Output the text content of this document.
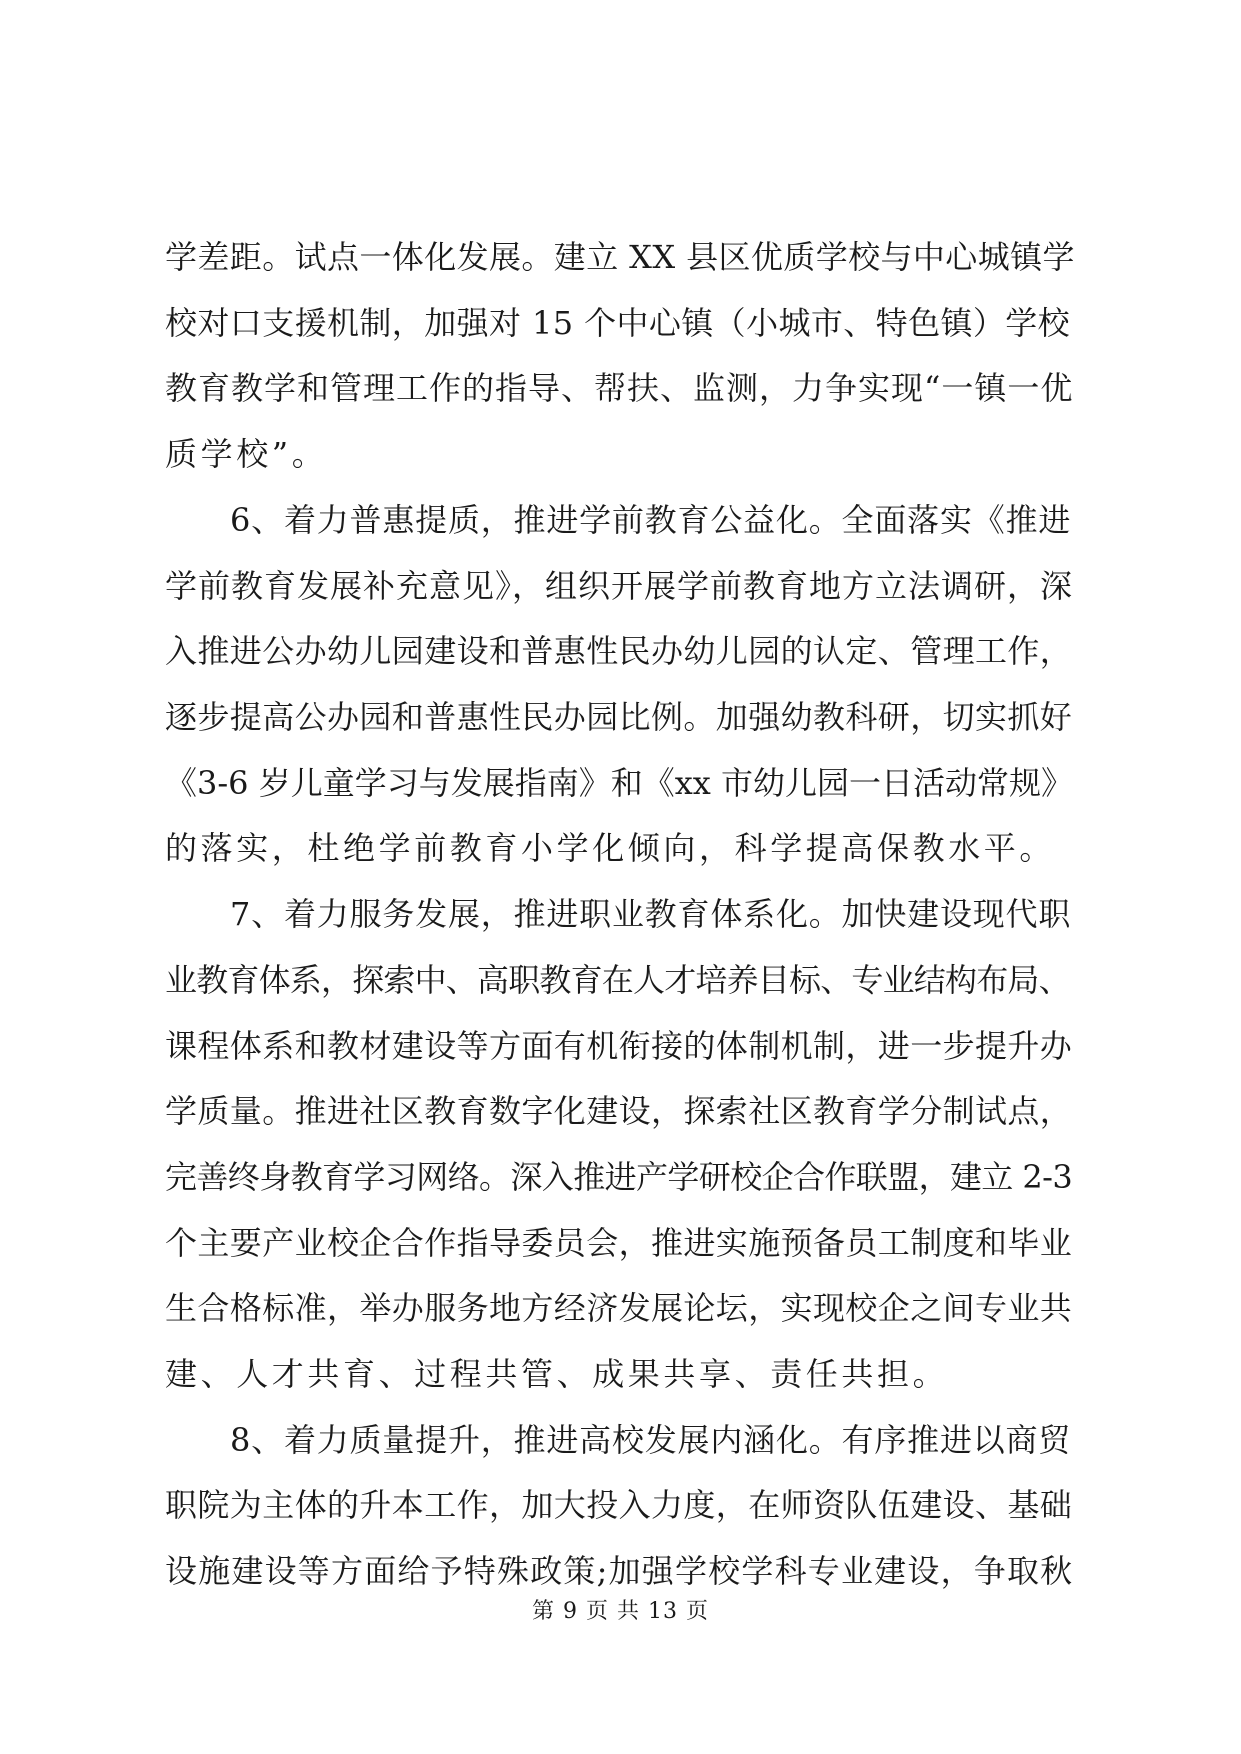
学差距。试点一体化发展。建立 XX 县区优质学校与中心城镇学
校对口支援机制，加强对 15 个中心镇（小城市、特色镇）学校
教育教学和管理工作的指导、帮扶、监测，力争实现“一镇一优
质学校”。
6、着力普惠提质，推进学前教育公益化。全面落实《推进
学前教育发展补充意见》，组织开展学前教育地方立法调研，深
入推进公办幼儿园建设和普惠性民办幼儿园的认定、管理工作，
逐步提高公办园和普惠性民办园比例。加强幼教科研，切实抓好
《3-6 岁儿童学习与发展指南》和《xx 市幼儿园一日活动常规》
的落实，杜绝学前教育小学化倾向，科学提高保教水平。
7、着力服务发展，推进职业教育体系化。加快建设现代职
业教育体系，探索中、高职教育在人才培养目标、专业结构布局、
课程体系和教材建设等方面有机衔接的体制机制，进一步提升办
学质量。推进社区教育数字化建设，探索社区教育学分制试点，
完善终身教育学习网络。深入推进产学研校企合作联盟，建立 2-3
个主要产业校企合作指导委员会，推进实施预备员工制度和毕业
生合格标准，举办服务地方经济发展论坛，实现校企之间专业共
建、人才共育、过程共管、成果共享、责任共担。
8、着力质量提升，推进高校发展内涵化。有序推进以商贸
职院为主体的升本工作，加大投入力度，在师资队伍建设、基础
设施建设等方面给予特殊政策;加强学校学科专业建设，争取秋
第 9 页 共 13 页
